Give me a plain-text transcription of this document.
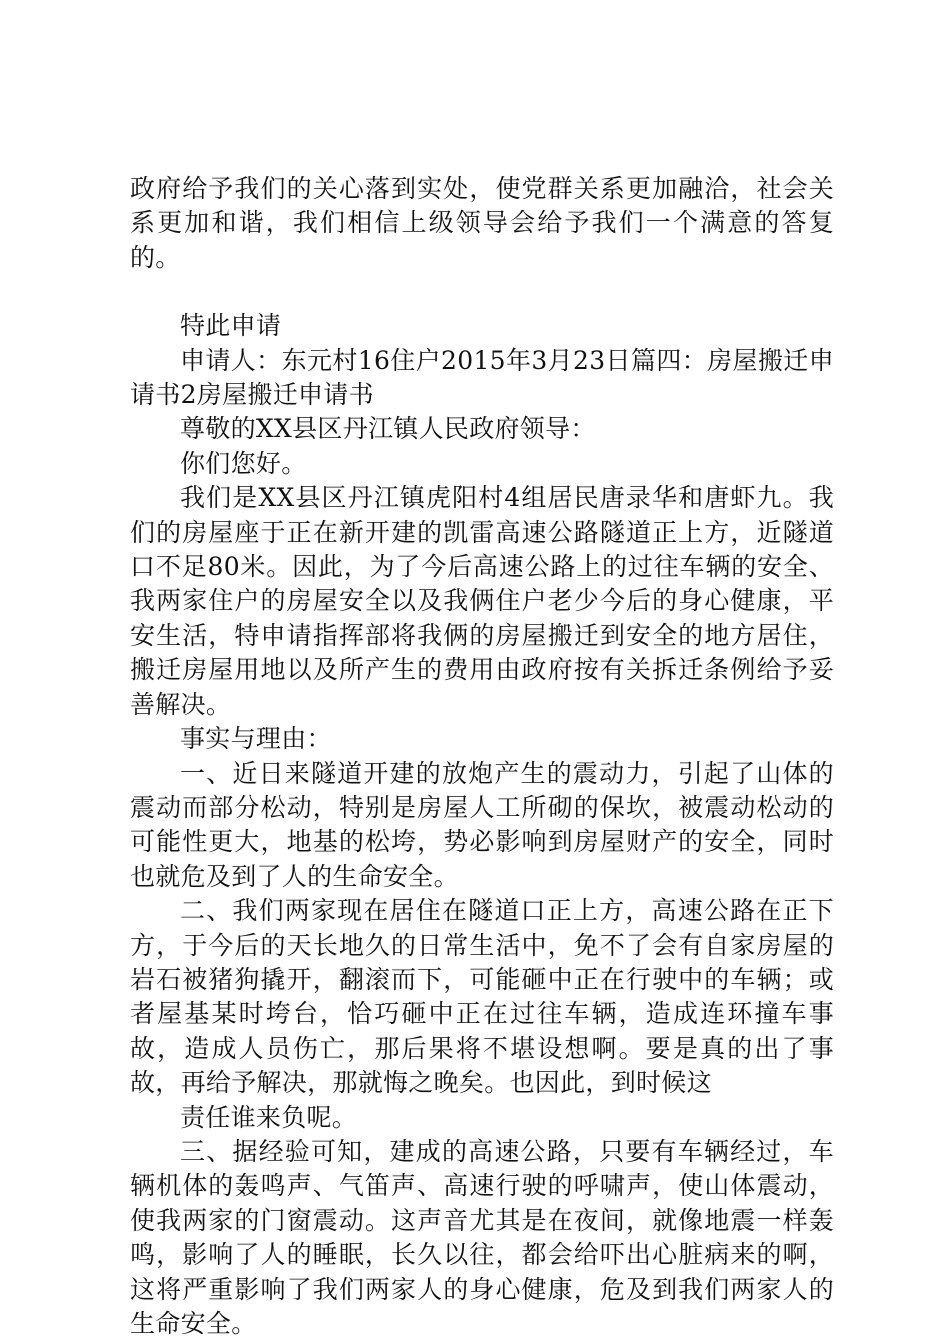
政府给予我们的关心落到实处，使党群关系更加融洽，社会关系更加和谐，我们相信上级领导会给予我们一个满意的答复的。

特此申请

申请人：东元村16住户2015年3月23日篇四：房屋搬迁申请书2房屋搬迁申请书

尊敬的XX县区丹江镇人民政府领导：

你们您好。

我们是XX县区丹江镇虎阳村4组居民唐录华和唐虾九。我们的房屋座于正在新开建的凯雷高速公路隧道正上方，近隧道口不足80米。因此，为了今后高速公路上的过往车辆的安全、我两家住户的房屋安全以及我俩住户老少今后的身心健康，平安生活，特申请指挥部将我俩的房屋搬迁到安全的地方居住，搬迁房屋用地以及所产生的费用由政府按有关拆迁条例给予妥善解决。

事实与理由：

一、近日来隧道开建的放炮产生的震动力，引起了山体的震动而部分松动，特别是房屋人工所砌的保坎，被震动松动的可能性更大，地基的松垮，势必影响到房屋财产的安全，同时也就危及到了人的生命安全。

二、我们两家现在居住在隧道口正上方，高速公路在正下方，于今后的天长地久的日常生活中，免不了会有自家房屋的岩石被猪狗撬开，翻滚而下，可能砸中正在行驶中的车辆；或者屋基某时垮台，恰巧砸中正在过往车辆，造成连环撞车事故，造成人员伤亡，那后果将不堪设想啊。要是真的出了事故，再给予解决，那就悔之晚矣。也因此，到时候这

责任谁来负呢。

三、据经验可知，建成的高速公路，只要有车辆经过，车辆机体的轰鸣声、气笛声、高速行驶的呼啸声，使山体震动，使我两家的门窗震动。这声音尤其是在夜间，就像地震一样轰鸣，影响了人的睡眠，长久以往，都会给吓出心脏病来的啊，这将严重影响了我们两家人的身心健康，危及到我们两家人的生命安全。
